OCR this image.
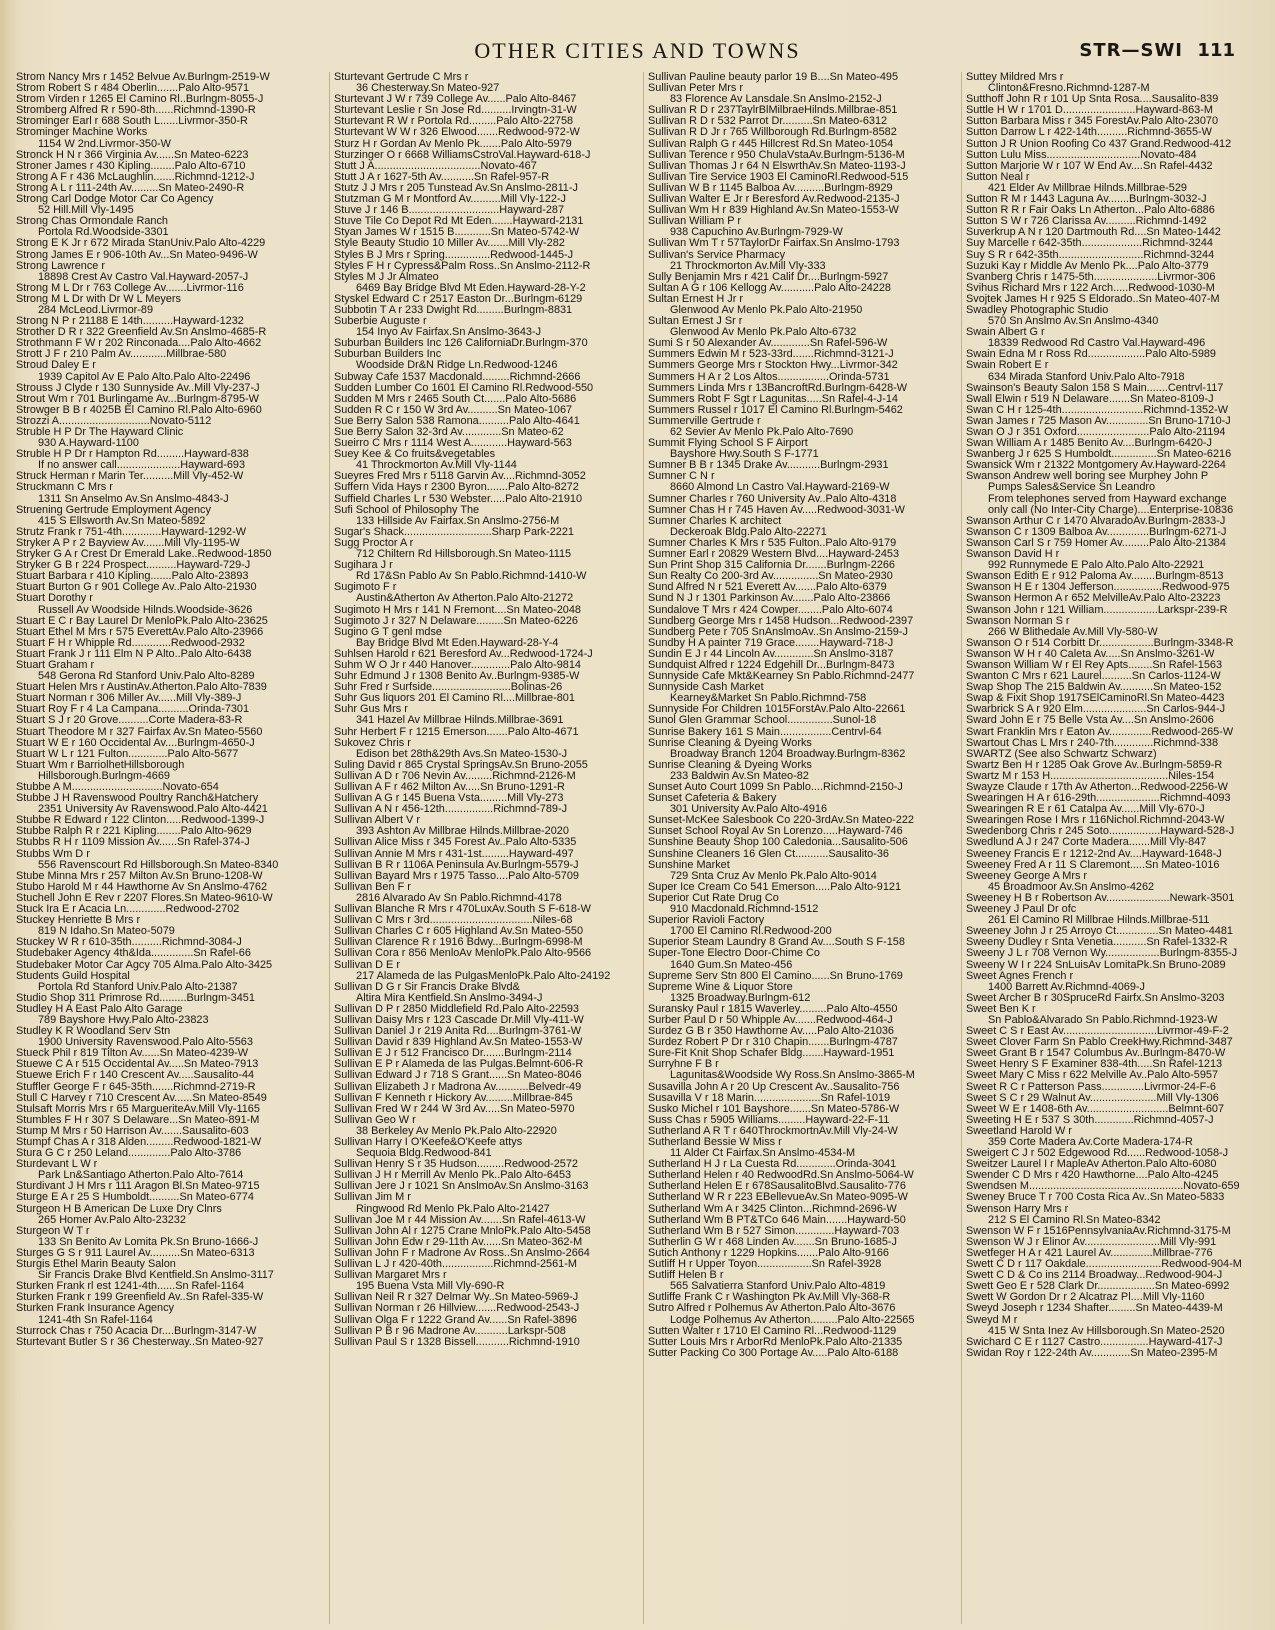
OTHER CITIES AND TOWNS	STR—SWI 111
Strom Nancy Mrs r 1452 Belvue Av.Burlngm-2519-W
Strom Robert S r 484 Oberlin.......Palo Alto-9571
Strom Virden r 1265 El Camino Rl..Burlngm-8055-J
Stromberg Alfred R r 590-8th......Richmnd-1390-R
Strominger Earl r 688 South L......Livrmor-350-R
Strominger Machine Works
1154 W 2nd.Livrmor-350-W
Stronck H N r 366 Virginia Av......Sn Mateo-6223
Stroner James r 430 Kipling........Palo Alto-6710
Strong A F r 436 McLaughlin.......Richmnd-1212-J
Strong A L r 111-24th Av.........Sn Mateo-2490-R
Strong Carl Dodge Motor Car Co Agency
52 Hill.Mill Vly-1495
Strong Chas Ormondale Ranch
Portola Rd.Woodside-3301
Strong E K Jr r 672 Mirada StanUniv.Palo Alto-4229
Strong James E r 906-10th Av...Sn Mateo-9496-W
Strong Lawrence r
18898 Crest Av Castro Val.Hayward-2057-J
Strong M L Dr r 763 College Av.......Livrmor-116
Strong M L Dr with Dr W L Meyers
284 McLeod.Livrmor-89
Strong N P r 21188 E 14th..........Hayward-1232
Strother D R r 322 Greenfield Av.Sn Anslmo-4685-R
Strothmann F W r 202 Rinconada....Palo Alto-4662
Strott J F r 210 Palm Av............Millbrae-580
Stroud Daley E r
1939 Capitol Av E Palo Alto.Palo Alto-22496
Strouss J Clyde r 130 Sunnyside Av..Mill Vly-237-J
Strout Wm r 701 Burlingame Av...Burlngm-8795-W
Strowger B B r 4025B El Camino Rl.Palo Alto-6960
Strozzi A..............................Novato-5112
Struble H P Dr The Hayward Clinic
930 A.Hayward-1100
Struble H P Dr r Hampton Rd.........Hayward-838
If no answer call.....................Hayward-693
Struck Herman r Marin Ter..........Mill Vly-452-W
Struckmann C Mrs r
1311 Sn Anselmo Av.Sn Anslmo-4843-J
Struening Gertrude Employment Agency
415 S Ellsworth Av.Sn Mateo-5892
Strutz Frank r 751-4th.............Hayward-1292-W
Stryker A P r 2 Bayview Av.......Mill Vly-1195-W
Stryker G A r Crest Dr Emerald Lake..Redwood-1850
Stryker G B r 224 Prospect..........Hayward-729-J
Stuart Barbara r 410 Kipling.......Palo Alto-23893
Stuart Burton G r 901 College Av..Palo Alto-21930
Stuart Dorothy r
Russell Av Woodside Hilnds.Woodside-3626
Stuart E C r Bay Laurel Dr MenloPk.Palo Alto-23625
Stuart Ethel M Mrs r 575 EverettAv.Palo Alto-23966
Stuart F H r Whipple Rd.............Redwood-2932
Stuart Frank J r 111 Elm N P Alto..Palo Alto-6438
Stuart Graham r
548 Gerona Rd Stanford Univ.Palo Alto-8289
Stuart Helen Mrs r AustinAv.Atherton.Palo Alto-7839
Stuart Norman r 306 Miller Av......Mill Vly-389-J
Stuart Roy F r 4 La Campana..........Orinda-7301
Stuart S J r 20 Grove..........Corte Madera-83-R
Stuart Theodore M r 327 Fairfax Av.Sn Mateo-5560
Stuart W E r 160 Occidental Av....Burlngm-4650-J
Stuart W L r 121 Fulton.............Palo Alto-5677
Stuart Wm r BarriolhetHillsborough
Hillsborough.Burlngm-4669
Stubbe A M..............................Novato-654
Stubbe J H Ravenswood Poultry Ranch&Hatchery
2351 University Av Ravenswood.Palo Alto-4421
Stubbe R Edward r 122 Clinton.....Redwood-1399-J
Stubbe Ralph R r 221 Kipling........Palo Alto-9629
Stubbs R H r 1109 Mission Av......Sn Rafel-374-J
Stubbs Wm D r
556 Ravenscourt Rd Hillsborough.Sn Mateo-8340
Stube Minna Mrs r 257 Milton Av.Sn Bruno-1208-W
Stubo Harold M r 44 Hawthorne Av Sn Anslmo-4762
Stuchell John E Rev r 2207 Flores.Sn Mateo-9610-W
Stuck Ira E r Acacia Ln.............Redwood-2702
Stuckey Henriette B Mrs r
819 N Idaho.Sn Mateo-5079
Stuckey W R r 610-35th..........Richmnd-3084-J
Studebaker Agency 4th&Ida..............Sn Rafel-66
Studebaker Motor Car Agcy 705 Alma.Palo Alto-3425
Students Guild Hospital
Portola Rd Stanford Univ.Palo Alto-21387
Studio Shop 311 Primrose Rd.........Burlngm-3451
Studley H A East Palo Alto Garage
789 Bayshore Hwy.Palo Alto-23823
Studley K R Woodland Serv Stn
1900 University Ravenswood.Palo Alto-5563
Stueck Phil r 819 Tilton Av......Sn Mateo-4239-W
Stuewe C A r 515 Occidental Av.....Sn Mateo-7913
Stuewe Erich F r 140 Crescent Av.....Sausalito-44
Stuffler George F r 645-35th.......Richmnd-2719-R
Stull C Harvey r 710 Crescent Av......Sn Mateo-8549
Stulsaft Morris Mrs r 65 MargueriteAv.Mill Vly-1165
Stumbles F H r 307 S Delaware...Sn Mateo-891-M
Stump M Mrs r 50 Harrison Av.......Sausalito-603
Stumpf Chas A r 318 Alden.........Redwood-1821-W
Stura G C r 250 Leland..............Palo Alto-3786
Sturdevant L W r
Park Ln&Santiago Atherton.Palo Alto-7614
Sturdivant J H Mrs r 111 Aragon Bl.Sn Mateo-9715
Sturge E A r 25 S Humboldt..........Sn Mateo-6774
Sturgeon H B American De Luxe Dry Clnrs
265 Homer Av.Palo Alto-23232
Sturgeon W T r
133 Sn Benito Av Lomita Pk.Sn Bruno-1666-J
Sturges G S r 911 Laurel Av..........Sn Mateo-6313
Sturgis Ethel Marin Beauty Salon
Sir Francis Drake Blvd Kentfield.Sn Anslmo-3117
Sturken Frank rl est 1241-4th......Sn Rafel-1164
Sturken Frank r 199 Greenfield Av..Sn Rafel-335-W
Sturken Frank Insurance Agency
1241-4th Sn Rafel-1164
Sturrock Chas r 750 Acacia Dr....Burlngm-3147-W
Sturtevant Butler S r 36 Chesterway..Sn Mateo-927
Sturtevant Gertrude C Mrs r
36 Chesterway.Sn Mateo-927
Sturtevant J W r 739 College Av......Palo Alto-8467
Sturtevant Leslie r Sn Jose Rd..........Irvingtn-31-W
Sturtevant R W r Portola Rd.........Palo Alto-22758
Sturtevant W W r 326 Elwood.......Redwood-972-W
Sturz H r Gordan Av Menlo Pk.......Palo Alto-5979
Sturzinger O r 6668 WilliamsCstroVal.Hayward-618-J
Stutt J A...................................Novato-467
Stutt J A r 1627-5th Av...........Sn Rafel-957-R
Stutz J J Mrs r 205 Tunstead Av.Sn Anslmo-2811-J
Stutzman G M r Montford Av..........Mill Vly-122-J
Stuve J r 146 B..............................Hayward-287
Stuve Tile Co Depot Rd Mt Eden.......Hayward-2131
Styan James W r 1515 B............Sn Mateo-5742-W
Style Beauty Studio 10 Miller Av.......Mill Vly-282
Styles B J Mrs r Spring...............Redwood-1445-J
Styles F H r Cypress&Palm Ross..Sn Anslmo-2112-R
Styles M J Jr Almateo
6469 Bay Bridge Blvd Mt Eden.Hayward-28-Y-2
Styskel Edward C r 2517 Easton Dr...Burlngm-6129
Subbotin T A r 233 Dwight Rd.........Burlngm-8831
Suberbie Auguste r
154 Inyo Av Fairfax.Sn Anslmo-3643-J
Suburban Builders Inc 126 CaliforniaDr.Burlngm-370
Suburban Builders Inc
Woodside Dr&N Ridge Ln.Redwood-1246
Subway Cafe 1537 Macdonald.........Richmnd-2666
Sudden Lumber Co 1601 El Camino Rl.Redwood-550
Sudden M Mrs r 2465 South Ct.......Palo Alto-5686
Sudden R C r 150 W 3rd Av..........Sn Mateo-1067
Sue Berry Salon 538 Ramona..........Palo Alto-4641
Sue Berry Salon 32-3rd Av.............Sn Mateo-62
Sueirro C Mrs r 1114 West A............Hayward-563
Suey Kee & Co fruits&vegetables
41 Throckmorton Av.Mill Vly-1144
Sueyres Fred Mrs r 5118 Garvin Av....Richmnd-3052
Suffern Vida Hays r 2300 Byron.......Palo Alto-8272
Suffield Charles L r 530 Webster.....Palo Alto-21910
Sufi School of Philosophy The
133 Hillside Av Fairfax.Sn Anslmo-2756-M
Sugar's Shack.............................Sharp Park-2221
Sugg Proctor A r
712 Chiltern Rd Hillsborough.Sn Mateo-1115
Sugihara J r
Rd 17&Sn Pablo Av Sn Pablo.Richmnd-1410-W
Sugimoto F r
Austin&Atherton Av Atherton.Palo Alto-21272
Sugimoto H Mrs r 141 N Fremont....Sn Mateo-2048
Sugimoto J r 327 N Delaware.........Sn Mateo-6226
Sugino G T genl mdse
Bay Bridge Blvd Mt Eden.Hayward-28-Y-4
Suhlsen Harold r 621 Beresford Av...Redwood-1724-J
Suhm W O Jr r 440 Hanover.............Palo Alto-9814
Suhr Edmund J r 1308 Benito Av..Burlngm-9385-W
Suhr Fred r Surfside..........................Bolinas-26
Suhr Gus liquors 201 El Camino Rl....Millbrae-801
Suhr Gus Mrs r
341 Hazel Av Millbrae Hilnds.Millbrae-3691
Suhr Herbert F r 1215 Emerson.......Palo Alto-4671
Sukovez Chris r
Edison bet 28th&29th Avs.Sn Mateo-1530-J
Suling David r 865 Crystal SpringsAv.Sn Bruno-2055
Sullivan A D r 706 Nevin Av.........Richmnd-2126-M
Sullivan A F r 462 Milton Av.....Sn Bruno-1291-R
Sullivan A G r 145 Buena Vsta.........Mill Vly-273
Sullivan A N r 456-12th................Richmnd-789-J
Sullivan Albert V r
393 Ashton Av Millbrae Hilnds.Millbrae-2020
Sullivan Alice Miss r 345 Forest Av..Palo Alto-5335
Sullivan Annie M Mrs r 431-1st.........Hayward-497
Sullivan B R r 1106A Peninsula Av.Burlngm-5579-J
Sullivan Bayard Mrs r 1975 Tasso....Palo Alto-5709
Sullivan Ben F r
2816 Alvarado Av Sn Pablo.Richmnd-4178
Sullivan Blanche R Mrs r 470LuxAv.South S F-618-W
Sullivan C Mrs r 3rd..................................Niles-68
Sullivan Charles C r 605 Highland Av.Sn Mateo-550
Sullivan Clarence R r 1916 Bdwy...Burlngm-6998-M
Sullivan Cora r 856 MenloAv MenloPk.Palo Alto-9566
Sullivan D E r
217 Alameda de las PulgasMenloPk.Palo Alto-24192
Sullivan D G r Sir Francis Drake Blvd&
Altira Mira Kentfield.Sn Anslmo-3494-J
Sullivan D P r 2850 Middlefield Rd.Palo Alto-22593
Sullivan Daisy Mrs r 123 Cascade Dr.Mill Vly-411-W
Sullivan Daniel J r 219 Anita Rd....Burlngm-3761-W
Sullivan David r 839 Highland Av.Sn Mateo-1553-W
Sullivan E J r 512 Francisco Dr.......Burlngm-2114
Sullivan E P r Alameda de las Pulgas.Belmnt-606-R
Sullivan Edward J r 718 S Grant......Sn Mateo-8046
Sullivan Elizabeth J r Madrona Av...........Belvedr-49
Sullivan F Kenneth r Hickory Av.........Millbrae-845
Sullivan Fred W r 244 W 3rd Av.....Sn Mateo-5970
Sullivan Geo W r
38 Berkeley Av Menlo Pk.Palo Alto-22920
Sullivan Harry I O'Keefe&O'Keefe attys
Sequoia Bldg.Redwood-841
Sullivan Henry S r 35 Hudson.........Redwood-2572
Sullivan J H r Merrill Av Menlo Pk..Palo Alto-6453
Sullivan Jere J r 1021 Sn AnslmoAv.Sn Anslmo-3163
Sullivan Jim M r
Ringwood Rd Menlo Pk.Palo Alto-21427
Sullivan Joe M r 44 Mission Av.......Sn Rafel-4613-W
Sullivan John Al r 1275 Crane MnloPk.Palo Alto-5458
Sullivan John Edw r 29-11th Av......Sn Mateo-362-M
Sullivan John F r Madrone Av Ross..Sn Anslmo-2664
Sullivan L J r 420-40th.................Richmnd-2561-M
Sullivan Margaret Mrs r
195 Buena Vsta Mill Vly-690-R
Sullivan Neil R r 327 Delmar Wy..Sn Mateo-5969-J
Sullivan Norman r 26 Hillview.......Redwood-2543-J
Sullivan Olga F r 1222 Grand Av......Sn Rafel-3896
Sullivan P B r 96 Madrone Av...........Larkspr-508
Sullivan Paul S r 1328 Bissell...........Richmnd-1910
Sullivan Pauline beauty parlor 19 B....Sn Mateo-495
Sullivan Peter Mrs r
83 Florence Av Lansdale.Sn Anslmo-2152-J
Sullivan R D r 237TaylrBlMilbraeHilnds.Millbrae-851
Sullivan R D r 532 Parrot Dr..........Sn Mateo-6312
Sullivan R D Jr r 765 Willborough Rd.Burlngm-8582
Sullivan Ralph G r 445 Hillcrest Rd.Sn Mateo-1054
Sullivan Terence r 950 ChulaVstaAv.Burlngm-5136-M
Sullivan Thomas J r 64 N ElswrthAv.Sn Mateo-1193-J
Sullivan Tire Service 1903 El CaminoRl.Redwood-515
Sullivan W B r 1145 Balboa Av..........Burlngm-8929
Sullivan Walter E Jr r Beresford Av.Redwood-2135-J
Sullivan Wm H r 839 Highland Av.Sn Mateo-1553-W
Sullivan William P r
938 Capuchino Av.Burlngm-7929-W
Sullivan Wm T r 57TaylorDr Fairfax.Sn Anslmo-1793
Sullivan's Service Pharmacy
21 Throckmorton Av.Mill Vly-333
Sully Benjamin Mrs r 421 Calif Dr....Burlngm-5927
Sultan A G r 106 Kellogg Av...........Palo Alto-24228
Sultan Ernest H Jr r
Glenwood Av Menlo Pk.Palo Alto-21950
Sultan Ernest J Sr r
Glenwood Av Menlo Pk.Palo Alto-6732
Sumi S r 50 Alexander Av.............Sn Rafel-596-W
Summers Edwin M r 523-33rd.......Richmnd-3121-J
Summers George Mrs r Stockton Hwy...Livrmor-342
Summers H A r 2 Los Altos.................Orinda-5731
Summers Linda Mrs r 13BancroftRd.Burlngm-6428-W
Summers Robt F Sgt r Lagunitas.....Sn Rafel-4-J-14
Summers Russel r 1017 El Camino Rl.Burlngm-5462
Summerville Gertrude r
62 Sevier Av Menlo Pk.Palo Alto-7690
Summit Flying School S F Airport
Bayshore Hwy.South S F-1771
Sumner B B r 1345 Drake Av...........Burlngm-2931
Sumner C N r
8660 Almond Ln Castro Val.Hayward-2169-W
Sumner Charles r 760 University Av..Palo Alto-4318
Sumner Chas H r 745 Haven Av.....Redwood-3031-W
Sumner Charles K architect
Deckeroak Bldg.Palo Alto-22271
Sumner Charles K Mrs r 535 Fulton..Palo Alto-9179
Sumner Earl r 20829 Western Blvd....Hayward-2453
Sun Print Shop 315 California Dr.......Burlngm-2266
Sun Realty Co 200-3rd Av...............Sn Mateo-2930
Sund Alfred N r 521 Everett Av.......Palo Alto-6379
Sund N J r 1301 Parkinson Av.......Palo Alto-23866
Sundalove T Mrs r 424 Cowper........Palo Alto-6074
Sundberg George Mrs r 1458 Hudson...Redwood-2397
Sundberg Pete r 705 SnAnslmoAv..Sn Anslmo-2159-J
Sundby H A painter 719 Grace........Hayward-718-J
Sundin E J r 44 Lincoln Av.............Sn Anslmo-3187
Sundquist Alfred r 1224 Edgehill Dr...Burlngm-8473
Sunnyside Cafe Mkt&Kearney Sn Pablo.Richmnd-2477
Sunnyside Cash Market
Kearney&Market Sn Pablo.Richmnd-758
Sunnyside For Children 1015ForstAv.Palo Alto-22661
Sunol Glen Grammar School...............Sunol-18
Sunrise Bakery 161 S Main.................Centrvl-64
Sunrise Cleaning & Dyeing Works
Broadway Branch 1204 Broadway.Burlngm-8362
Sunrise Cleaning & Dyeing Works
233 Baldwin Av.Sn Mateo-82
Sunset Auto Court 1099 Sn Pablo....Richmnd-2150-J
Sunset Cafeteria & Bakery
301 University Av.Palo Alto-4916
Sunset-McKee Salesbook Co 220-3rdAv.Sn Mateo-222
Sunset School Royal Av Sn Lorenzo.....Hayward-746
Sunshine Beauty Shop 100 Caledonia...Sausalito-506
Sunshine Cleaners 16 Glen Ct...........Sausalito-36
Sunshine Market
729 Snta Cruz Av Menlo Pk.Palo Alto-9014
Super Ice Cream Co 541 Emerson.....Palo Alto-9121
Superior Cut Rate Drug Co
910 Macdonald.Richmnd-1512
Superior Ravioli Factory
1700 El Camino Rl.Redwood-200
Superior Steam Laundry 8 Grand Av....South S F-158
Super-Tone Electro Door-Chime Co
1640 Gum.Sn Mateo-456
Supreme Serv Stn 800 El Camino......Sn Bruno-1769
Supreme Wine & Liquor Store
1325 Broadway.Burlngm-612
Suransky Paul r 1815 Waverley.........Palo Alto-4550
Surber Paul D r 50 Whipple Av.......Redwood-464-J
Surdez G B r 350 Hawthorne Av.....Palo Alto-21036
Surdez Robert P Dr r 310 Chapin.......Burlngm-4787
Sure-Fit Knit Shop Schafer Bldg.......Hayward-1951
Surryhne F B r
Lagunitas&Woodside Wy Ross.Sn Anslmo-3865-M
Susavilla John A r 20 Up Crescent Av..Sausalito-756
Susavilla V r 18 Marin......................Sn Rafel-1019
Susko Michel r 101 Bayshore.......Sn Mateo-5786-W
Suss Chas r 5905 Williams.........Hayward-22-F-11
Sutherland A R T r 640ThrockmortnAv.Mill Vly-24-W
Sutherland Bessie W Miss r
11 Alder Ct Fairfax.Sn Anslmo-4534-M
Sutherland H J r La Cuesta Rd.............Orinda-3041
Sutherland Helen r 40 RedwoodRd.Sn Anslmo-5064-W
Sutherland Helen E r 678SausalitoBlvd.Sausalito-776
Sutherland W R r 223 EBellevueAv.Sn Mateo-9095-W
Sutherland Wm A r 3425 Clinton...Richmnd-2696-W
Sutherland Wm B PT&TCo 646 Main.......Hayward-50
Sutherland Wm B r 527 Simon.............Hayward-703
Sutherlin G W r 468 Linden Av.......Sn Bruno-1685-J
Sutich Anthony r 1229 Hopkins.......Palo Alto-9166
Sutliff H r Upper Toyon..................Sn Rafel-3928
Sutliff Helen B r
565 Salvatierra Stanford Univ.Palo Alto-4819
Sutliffe Frank C r Washington Pk Av.Mill Vly-368-R
Sutro Alfred r Polhemus Av Atherton.Palo Alto-3676
Lodge Polhemus Av Atherton.........Palo Alto-22565
Sutten Walter r 1710 El Camino Rl...Redwood-1129
Sutter Louis Mrs r ArborRd MenloPk.Palo Alto-21335
Sutter Packing Co 300 Portage Av.....Palo Alto-6188
Suttey Mildred Mrs r
Clinton&Fresno.Richmnd-1287-M
Sutthoff John R r 101 Up Snta Rosa....Sausalito-839
Suttle H W r 1701 D........................Hayward-863-M
Sutton Barbara Miss r 345 ForestAv.Palo Alto-23070
Sutton Darrow L r 422-14th..........Richmnd-3655-W
Sutton J R Union Roofing Co 437 Grand.Redwood-412
Sutton Lulu Miss...............................Novato-484
Sutton Marjorie W r 107 W End Av....Sn Rafel-4432
Sutton Neal r
421 Elder Av Millbrae Hilnds.Millbrae-529
Sutton R M r 1443 Laguna Av.......Burlngm-3032-J
Sutton R R r Fair Oaks Ln Atherton...Palo Alto-6886
Sutton S W r 726 Clarissa Av..........Richmnd-1492
Suverkrup A N r 120 Dartmouth Rd....Sn Mateo-1442
Suy Marcelle r 642-35th....................Richmnd-3244
Suy S R r 642-35th............................Richmnd-3244
Suzuki Kay r Middle Av Menlo Pk....Palo Alto-3779
Svanberg Chris r 1475-5th.....................Livrmor-306
Svihus Richard Mrs r 122 Arch.....Redwood-1030-M
Svojtek James H r 925 S Eldorado..Sn Mateo-407-M
Swadley Photographic Studio
570 Sn Anslmo Av.Sn Anslmo-4340
Swain Albert G r
18339 Redwood Rd Castro Val.Hayward-496
Swain Edna M r Ross Rd...................Palo Alto-5989
Swain Robert E r
634 Mirada Stanford Univ.Palo Alto-7918
Swainson's Beauty Salon 158 S Main.......Centrvl-117
Swall Elwin r 519 N Delaware.......Sn Mateo-8109-J
Swan C H r 125-4th...........................Richmnd-1352-W
Swan James r 725 Mason Av..............Sn Bruno-1710-J
Swan O J r 351 Oxford........................Palo Alto-21194
Swan William A r 1485 Benito Av....Burlngm-6420-J
Swanberg J r 625 S Humboldt...............Sn Mateo-6216
Swansick Wm r 21322 Montgomery Av.Hayward-2264
Swanson Andrew well boring see Murphey John P
Pumps Sales&Service Sn Leandro
From telephones served from Hayward exchange
only call (No Inter-City Charge)....Enterprise-10836
Swanson Arthur C r 1470 AlvaradoAv.Burlngm-2833-J
Swanson C r 1309 Balboa Av..............Burlngm-6271-J
Swanson Carl S r 759 Homer Av.........Palo Alto-21384
Swanson David H r
992 Runnymede E Palo Alto.Palo Alto-22921
Swanson Edith E r 912 Paloma Av........Burlngm-8513
Swanson H E r 1304 Jefferson................Redwood-975
Swanson Hermon A r 652 MelvilleAv.Palo Alto-23223
Swanson John r 121 William..................Larkspr-239-R
Swanson Norman S r
266 W Blithedale Av.Mill Vly-580-W
Swanson O r 514 Corbitt Dr..................Burlngm-3348-R
Swanson W H r 40 Caleta Av.....Sn Anslmo-3261-W
Swanson William W r El Rey Apts........Sn Rafel-1563
Swanton C Mrs r 621 Laurel..........Sn Carlos-1124-W
Swap Shop The 215 Baldwin Av...........Sn Mateo-152
Swap & Fixit Shop 1917SElCaminoRl.Sn Mateo-4423
Swarbrick S A r 920 Elm.....................Sn Carlos-944-J
Sward John E r 75 Belle Vsta Av....Sn Anslmo-2606
Swart Franklin Mrs r Eaton Av..............Redwood-265-W
Swartout Chas L Mrs r 240-7th.............Richmnd-338
SWARTZ (See also Schwartz Schwarz)
Swartz Ben H r 1285 Oak Grove Av..Burlngm-5859-R
Swartz M r 153 H.......................................Niles-154
Swayze Claude r 17th Av Atherton...Redwood-2256-W
Swearingen H A r 616-29th.....................Richmnd-4093
Swearingen R E r 61 Catalpa Av......Mill Vly-670-J
Swearingen Rose I Mrs r 116Nichol.Richmnd-2043-W
Swedenborg Chris r 245 Soto.................Hayward-528-J
Swedlund A J r 247 Corte Madera.......Mill Vly-847
Sweeney Francis E r 1212-2nd Av....Hayward-1648-J
Sweeney Fred A r 11 S Claremont.....Sn Mateo-1016
Sweeney George A Mrs r
45 Broadmoor Av.Sn Anslmo-4262
Sweeney H B r Robertson Av.....................Newark-3501
Sweeney J Paul Dr ofc
261 El Camino Rl Millbrae Hilnds.Millbrae-511
Sweeney John J r 25 Arroyo Ct..............Sn Mateo-4481
Sweeny Dudley r Snta Venetia...........Sn Rafel-1332-R
Sweeny J L r 708 Vernon Wy..................Burlngm-8355-J
Sweeny W I r 224 SnLuisAv LomitaPk.Sn Bruno-2089
Sweet Agnes French r
1400 Barrett Av.Richmnd-4069-J
Sweet Archer B r 30SpruceRd Fairfx.Sn Anslmo-3203
Sweet Ben K r
Sn Pablo&Alvarado Sn Pablo.Richmnd-1923-W
Sweet C S r East Av...............................Livrmor-49-F-2
Sweet Clover Farm Sn Pablo CreekHwy.Richmnd-3487
Sweet Grant B r 1547 Columbus Av..Burlngm-8470-W
Sweet Henry S F Examiner 838-4th.....Sn Rafel-1213
Sweet Mary C Miss r 622 Melville Av..Palo Alto-5957
Sweet R C r Patterson Pass..............Livrmor-24-F-6
Sweet S C r 29 Walnut Av......................Mill Vly-1306
Sweet W E r 1408-6th Av...........................Belmnt-607
Sweeting H E r 537 S 30th.............Richmnd-4057-J
Sweetland Harold W r
359 Corte Madera Av.Corte Madera-174-R
Sweigert C J r 502 Edgewood Rd......Redwood-1058-J
Sweitzer Laurel I r MapleAv Atherton.Palo Alto-6080
Swender C D Mrs r 420 Hawthorne....Palo Alto-4245
Swendsen M...................................................Novato-659
Sweney Bruce T r 700 Costa Rica Av..Sn Mateo-5833
Swenson Harry Mrs r
212 S El Camino Rl.Sn Mateo-8342
Swenson W F r 1516PennsylvaniaAv.Richmnd-3175-M
Swenson W J r Elinor Av.........................Mill Vly-991
Swetfeger H A r 421 Laurel Av..............Millbrae-776
Swett C D r 117 Oakdale.........................Redwood-904-M
Swett C D & Co ins 2114 Broadway...Redwood-904-J
Swett Geo E r 528 Clark Dr...................Sn Mateo-6992
Swett W Gordon Dr r 2 Alcatraz Pl....Mill Vly-1160
Sweyd Joseph r 1234 Shafter.........Sn Mateo-4439-M
Sweyd M r
415 W Snta Inez Av Hillsborough.Sn Mateo-2520
Swichard C E r 1127 Castro................Hayward-417-J
Swidan Roy r 122-24th Av.............Sn Mateo-2395-M
